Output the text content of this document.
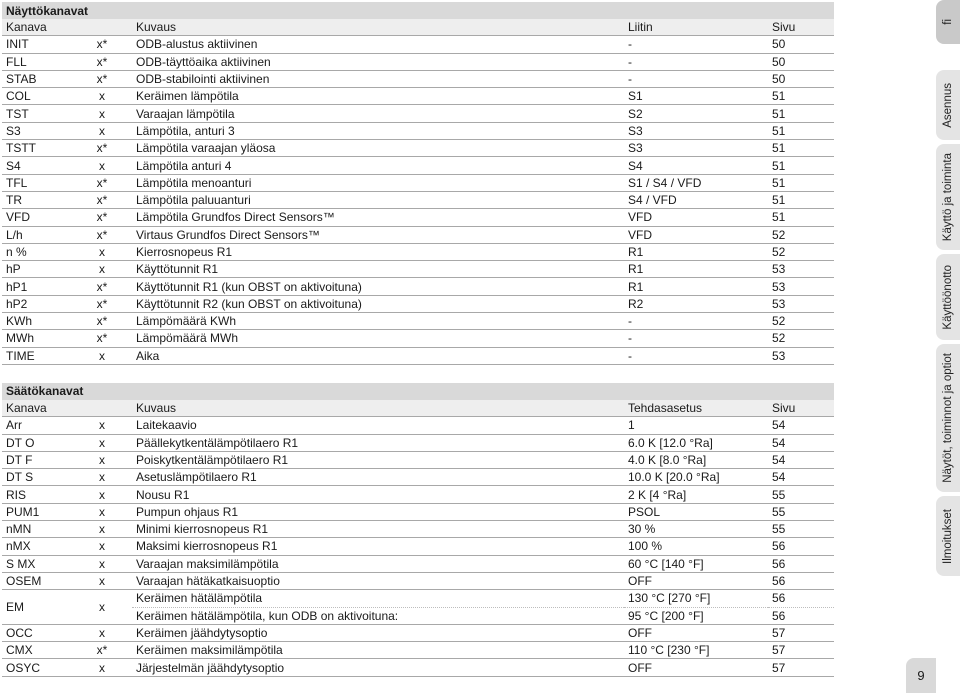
Näyttökanavat				
Kanava		Kuvaus	Liitin	Sivu
INIT	x*	ODB-alustus aktiivinen	-	50
FLL	x*	ODB-täyttöaika aktiivinen	-	50
STAB	x*	ODB-stabilointi aktiivinen	-	50
COL	x	Keräimen lämpötila	S1	51
TST	x	Varaajan lämpötila	S2	51
S3	x	Lämpötila, anturi 3	S3	51
TSTT	x*	Lämpötila varaajan yläosa	S3	51
S4	x	Lämpötila anturi 4	S4	51
TFL	x*	Lämpötila menoanturi	S1 / S4 / VFD	51
TR	x*	Lämpötila paluuanturi	S4 / VFD	51
VFD	x*	Lämpötila Grundfos Direct Sensors™	VFD	51
L/h	x*	Virtaus Grundfos Direct Sensors™	VFD	52
n %	x	Kierrosnopeus R1	R1	52
hP	x	Käyttötunnit R1	R1	53
hP1	x*	Käyttötunnit R1 (kun OBST on aktivoituna)	R1	53
hP2	x*	Käyttötunnit R2 (kun OBST on aktivoituna)	R2	53
KWh	x*	Lämpömäärä KWh	-	52
MWh	x*	Lämpömäärä MWh	-	52
TIME	x	Aika	-	53
Säätökanavat				
Kanava		Kuvaus	Tehdasasetus	Sivu
Arr	x	Laitekaavio	1	54
DT O	x	Päällekytkentälämpötilaero R1	6.0 K [12.0 °Ra]	54
DT F	x	Poiskytkentälämpötilaero R1	4.0 K [8.0 °Ra]	54
DT S	x	Asetuslämpötilaero R1	10.0 K [20.0 °Ra]	54
RIS	x	Nousu R1	2 K [4 °Ra]	55
PUM1	x	Pumpun ohjaus R1	PSOL	55
nMN	x	Minimi kierrosnopeus R1	30 %	55
nMX	x	Maksimi kierrosnopeus R1	100 %	56
S MX	x	Varaajan maksimilämpötila	60 °C [140 °F]	56
OSEM	x	Varaajan hätäkatkaisuoptio	OFF	56
EM	x	Keräimen hätälämpötila	130 °C [270 °F]	56
		Keräimen hätälämpötila, kun ODB on aktivoituna:	95 °C [200 °F]	56
OCC	x	Keräimen jäähdytysoptio	OFF	57
CMX	x*	Keräimen maksimilämpötila	110 °C [230 °F]	57
OSYC	x	Järjestelmän jäähdytysoptio	OFF	57
fi
Asennus
Käyttö ja toiminta
Käyttöönotto
Näytöt, toiminnot ja optiot
Ilmoitukset
9
